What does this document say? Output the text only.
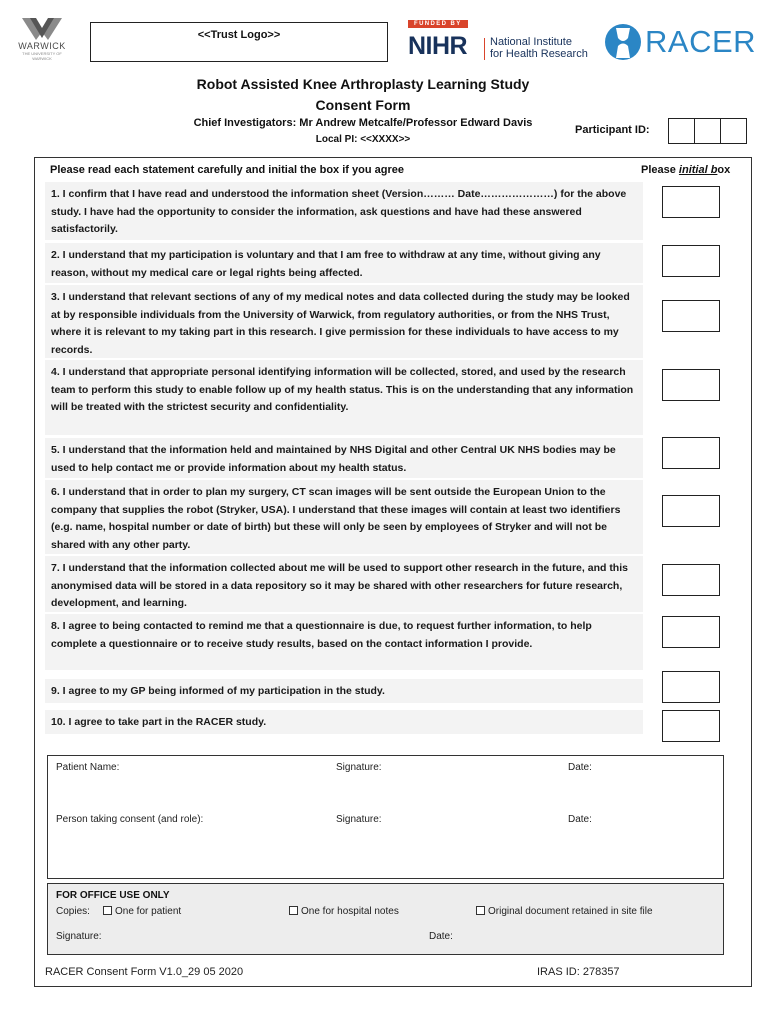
WARWICK
THE UNIVERSITY OF WARWICK
<<Trust Logo>>
FUNDED BY
NIHR National Institute
for Health Research RACER
Robot Assisted Knee Arthroplasty Learning Study
Consent Form
Chief Investigators: Mr Andrew Metcalfe/Professor Edward Davis
Local PI: <<XXXX>>
Participant ID:
Please read each statement carefully and initial the box if you agree	Please initial box
1. I confirm that I have read and understood the information sheet (Version……… Date…………………) for the above study. I have had the opportunity to consider the information, ask questions and have had these answered satisfactorily.
2. I understand that my participation is voluntary and that I am free to withdraw at any time, without giving any reason, without my medical care or legal rights being affected.
3. I understand that relevant sections of any of my medical notes and data collected during the study may be looked at by responsible individuals from the University of Warwick, from regulatory authorities, or from the NHS Trust, where it is relevant to my taking part in this research. I give permission for these individuals to have access to my records.
4. I understand that appropriate personal identifying information will be collected, stored, and used by the research team to perform this study to enable follow up of my health status. This is on the understanding that any information will be treated with the strictest security and confidentiality.
5. I understand that the information held and maintained by NHS Digital and other Central UK NHS bodies may be used to help contact me or provide information about my health status.
6. I understand that in order to plan my surgery, CT scan images will be sent outside the European Union to the company that supplies the robot (Stryker, USA). I understand that these images will contain at least two identifiers (e.g. name, hospital number or date of birth) but these will only be seen by employees of Stryker and will not be shared with any other party.
7. I understand that the information collected about me will be used to support other research in the future, and this anonymised data will be stored in a data repository so it may be shared with other researchers for future research, development, and learning.
8. I agree to being contacted to remind me that a questionnaire is due, to request further information, to help complete a questionnaire or to receive study results, based on the contact information I provide.
9. I agree to my GP being informed of my participation in the study.
10. I agree to take part in the RACER study.
Patient Name:	Signature:	Date:
Person taking consent (and role):	Signature:	Date:
FOR OFFICE USE ONLY
Copies:	One for patient	One for hospital notes	Original document retained in site file
Signature:	Date:
RACER Consent Form V1.0_29 05 2020	IRAS ID: 278357
